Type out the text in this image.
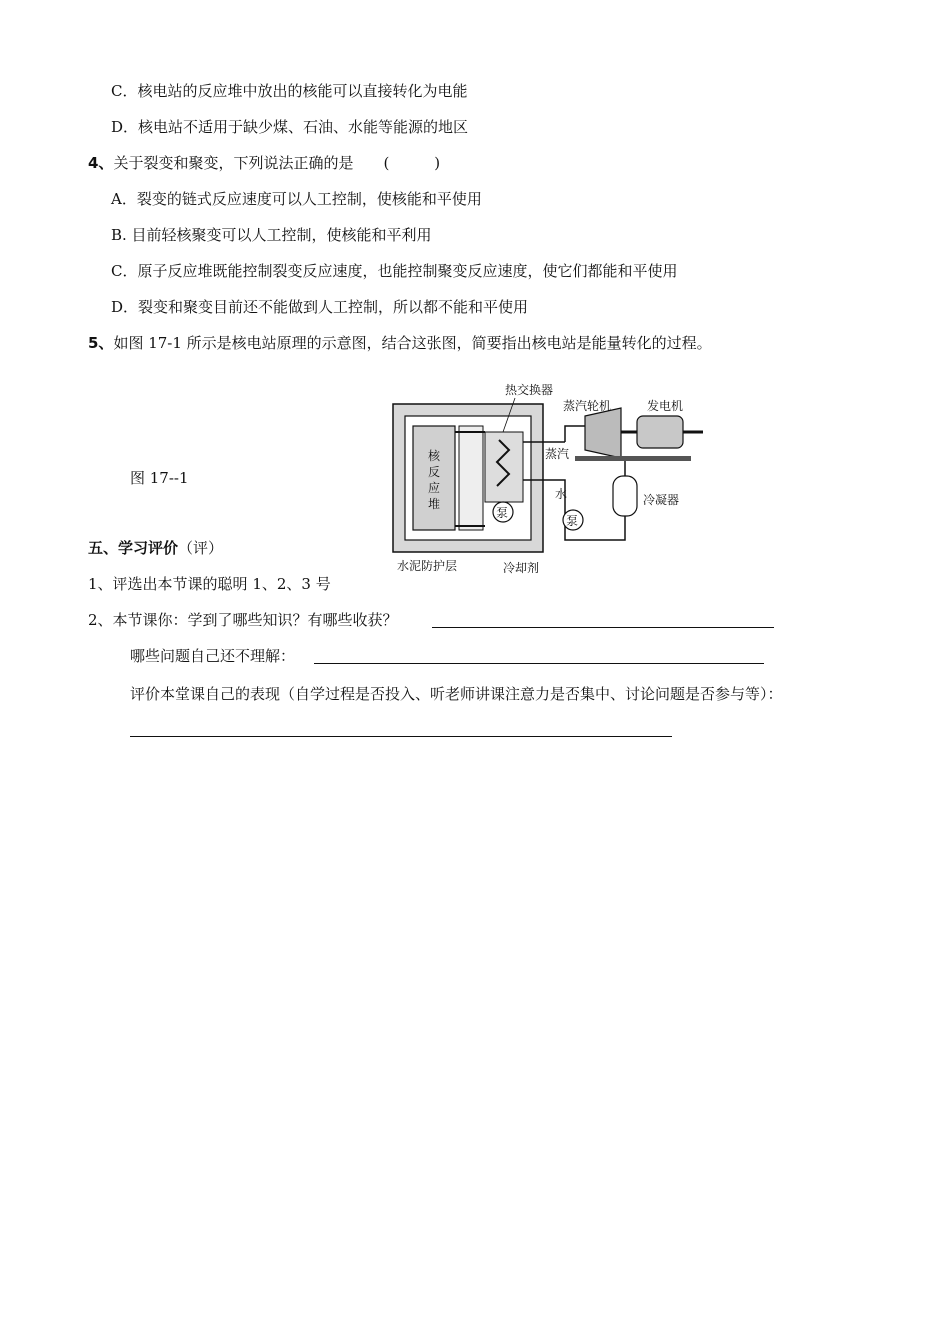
C．核电站的反应堆中放出的核能可以直接转化为电能
D．核电站不适用于缺少煤、石油、水能等能源的地区
4、关于裂变和聚变，下列说法正确的是 (　　　)
A．裂变的链式反应速度可以人工控制，使核能和平使用
B. 目前轻核聚变可以人工控制，使核能和平利用
C．原子反应堆既能控制裂变反应速度，也能控制聚变反应速度，使它们都能和平使用
D．裂变和聚变目前还不能做到人工控制，所以都不能和平使用
5、如图 17-1 所示是核电站原理的示意图，结合这张图，简要指出核电站是能量转化的过程。
图 17--1
泵
泵
热交换器
蒸汽轮机	发电机
核
反
应
堆
蒸汽
水	冷凝器
水泥防护层	冷却剂
五、学习评价（评）
1、评选出本节课的聪明 1、2、3 号
2、本节课你：学到了哪些知识？有哪些收获？
哪些问题自己还不理解：
评价本堂课自己的表现（自学过程是否投入、听老师讲课注意力是否集中、讨论问题是否参与等）：
